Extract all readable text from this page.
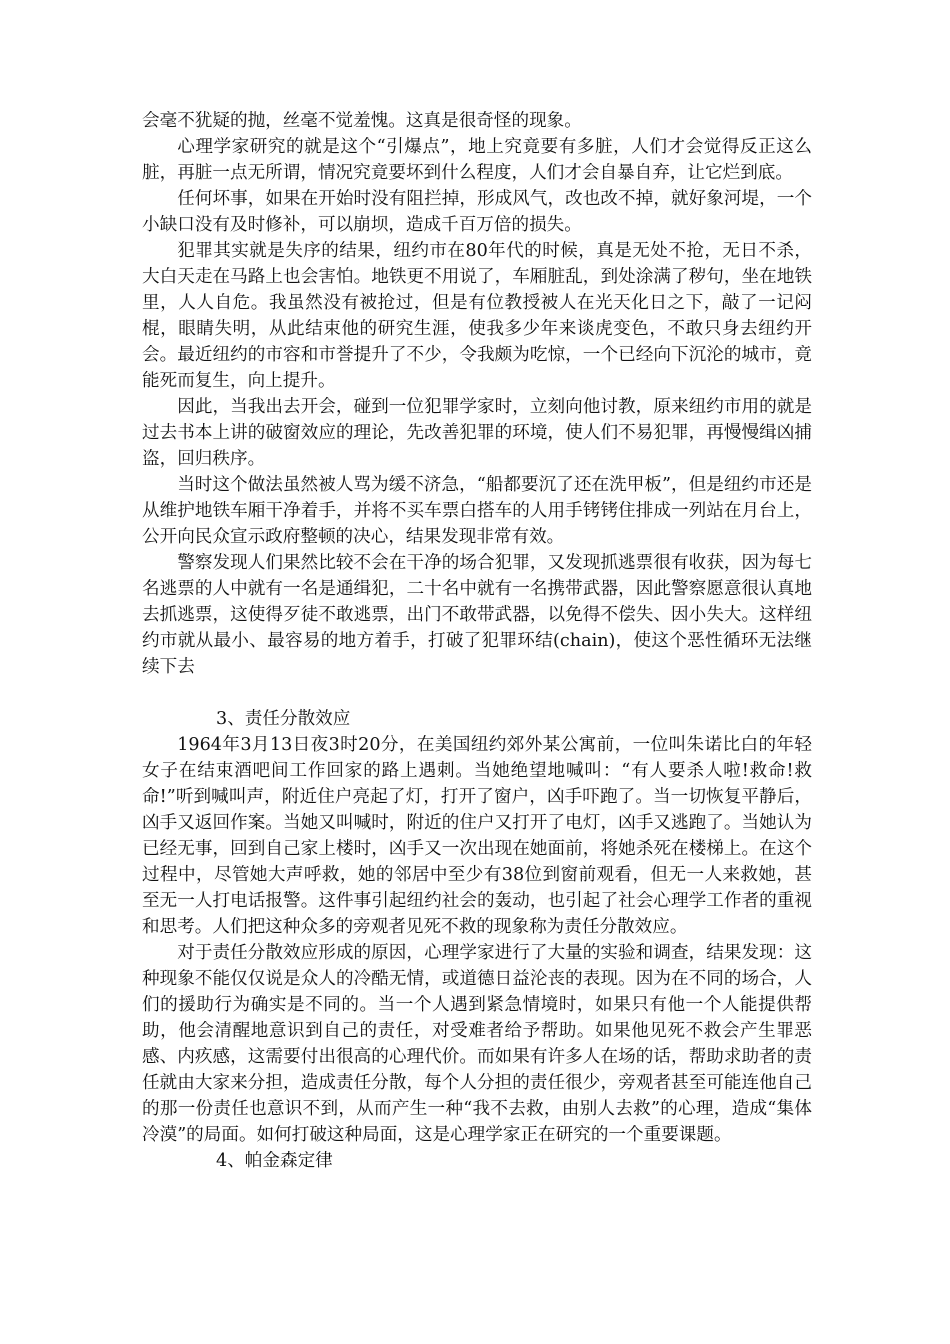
会毫不犹疑的抛，丝毫不觉羞愧。这真是很奇怪的现象。

心理学家研究的就是这个“引爆点”，地上究竟要有多脏，人们才会觉得反正这么脏，再脏一点无所谓，情况究竟要坏到什么程度，人们才会自暴自弃，让它烂到底。

任何坏事，如果在开始时没有阻拦掉，形成风气，改也改不掉，就好象河堤，一个小缺口没有及时修补，可以崩坝，造成千百万倍的损失。

犯罪其实就是失序的结果，纽约市在80年代的时候，真是无处不抢，无日不杀，大白天走在马路上也会害怕。地铁更不用说了，车厢脏乱，到处涂满了秽句，坐在地铁里，人人自危。我虽然没有被抢过，但是有位教授被人在光天化日之下，敲了一记闷棍，眼睛失明，从此结束他的研究生涯，使我多少年来谈虎变色，不敢只身去纽约开会。最近纽约的市容和市誉提升了不少，令我颇为吃惊，一个已经向下沉沦的城市，竟能死而复生，向上提升。

因此，当我出去开会，碰到一位犯罪学家时，立刻向他讨教，原来纽约市用的就是过去书本上讲的破窗效应的理论，先改善犯罪的环境，使人们不易犯罪，再慢慢缉凶捕盗，回归秩序。

当时这个做法虽然被人骂为缓不济急，“船都要沉了还在洗甲板”，但是纽约市还是从维护地铁车厢干净着手，并将不买车票白搭车的人用手铐铐住排成一列站在月台上，公开向民众宣示政府整顿的决心，结果发现非常有效。

警察发现人们果然比较不会在干净的场合犯罪，又发现抓逃票很有收获，因为每七名逃票的人中就有一名是通缉犯，二十名中就有一名携带武器，因此警察愿意很认真地去抓逃票，这使得歹徒不敢逃票，出门不敢带武器，以免得不偿失、因小失大。这样纽约市就从最小、最容易的地方着手，打破了犯罪环结(chain)，使这个恶性循环无法继续下去

3、责任分散效应

1964年3月13日夜3时20分，在美国纽约郊外某公寓前，一位叫朱诺比白的年轻女子在结束酒吧间工作回家的路上遇刺。当她绝望地喊叫：“有人要杀人啦!救命!救命!”听到喊叫声，附近住户亮起了灯，打开了窗户，凶手吓跑了。当一切恢复平静后，凶手又返回作案。当她又叫喊时，附近的住户又打开了电灯，凶手又逃跑了。当她认为已经无事，回到自己家上楼时，凶手又一次出现在她面前，将她杀死在楼梯上。在这个过程中，尽管她大声呼救，她的邻居中至少有38位到窗前观看，但无一人来救她，甚至无一人打电话报警。这件事引起纽约社会的轰动，也引起了社会心理学工作者的重视和思考。人们把这种众多的旁观者见死不救的现象称为责任分散效应。

对于责任分散效应形成的原因，心理学家进行了大量的实验和调查，结果发现：这种现象不能仅仅说是众人的冷酷无情，或道德日益沦丧的表现。因为在不同的场合，人们的援助行为确实是不同的。当一个人遇到紧急情境时，如果只有他一个人能提供帮助，他会清醒地意识到自己的责任，对受难者给予帮助。如果他见死不救会产生罪恶感、内疚感，这需要付出很高的心理代价。而如果有许多人在场的话，帮助求助者的责任就由大家来分担，造成责任分散，每个人分担的责任很少，旁观者甚至可能连他自己的那一份责任也意识不到，从而产生一种“我不去救，由别人去救”的心理，造成“集体冷漠”的局面。如何打破这种局面，这是心理学家正在研究的一个重要课题。

4、帕金森定律
